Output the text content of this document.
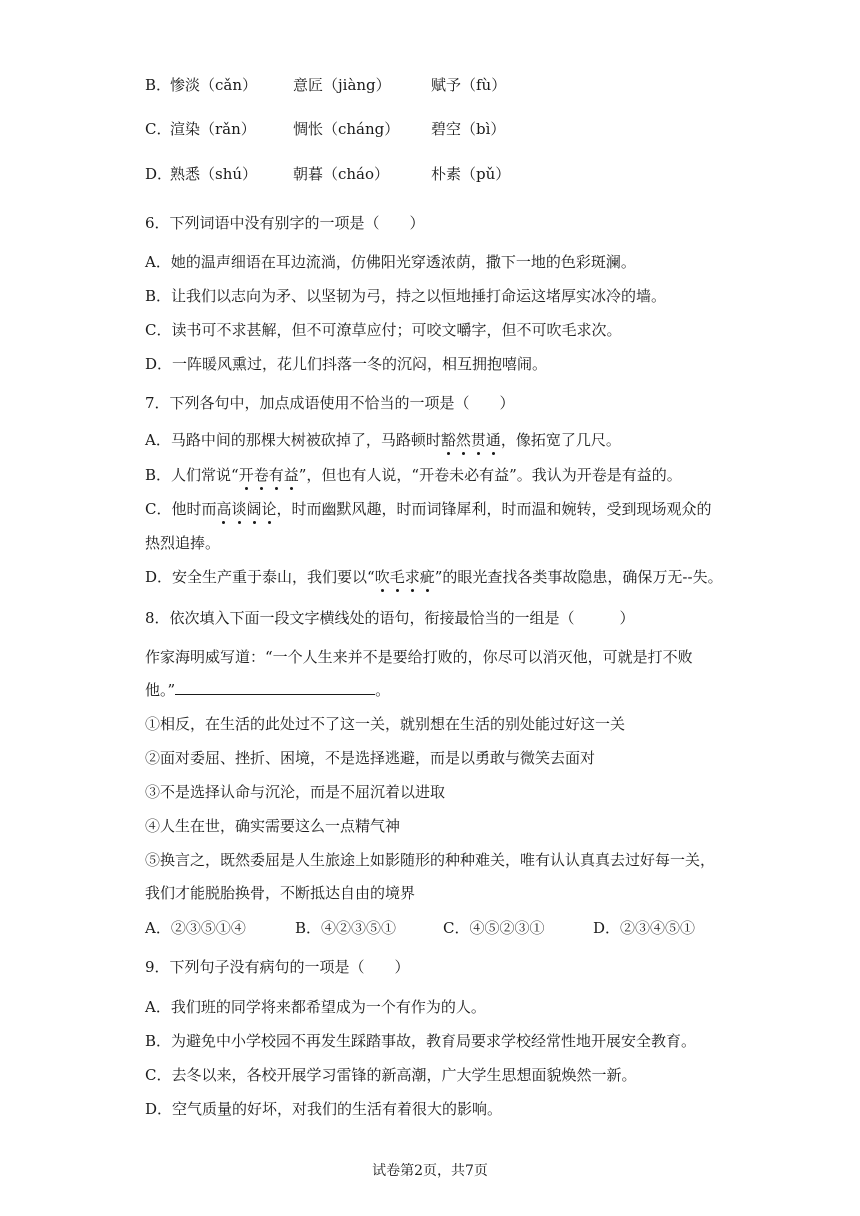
B．
惨淡（cǎn） 意匠（jiàng）	赋予（fù）
C．
渲染（rǎn） 惆怅（cháng） 碧空（bì）
D．
熟悉（shú） 朝暮（cháo）	朴素（pǔ）
6．下列词语中没有别字的一项是（　　）
A．她的温声细语在耳边流淌，仿佛阳光穿透浓荫，撒下一地的色彩斑澜。
B．让我们以志向为矛、以坚韧为弓，持之以恒地捶打命运这堵厚实冰冷的墙。
C．读书可不求甚解，但不可潦草应付；可咬文嚼字，但不可吹毛求次。
D．一阵暖风熏过，花儿们抖落一冬的沉闷，相互拥抱嘻闹。
7．下列各句中，加点成语使用不恰当的一项是（　　）
A．马路中间的那棵大树被砍掉了，马路顿时豁然贯通，像拓宽了几尺。
B．人们常说“开卷有益”，但也有人说，“开卷未必有益”。我认为开卷是有益的。
C．他时而高谈阔论，时而幽默风趣，时而词锋犀利，时而温和婉转，受到现场观众的
热烈追捧。
D．安全生产重于泰山，我们要以“吹毛求疵”的眼光查找各类事故隐患，确保万无--失。
8．依次填入下面一段文字横线处的语句，衔接最恰当的一组是（　　　）
作家海明威写道：“一个人生来并不是要给打败的，你尽可以消灭他，可就是打不败
他。”	。
①相反，在生活的此处过不了这一关，就别想在生活的别处能过好这一关
②面对委屈、挫折、困境，不是选择逃避，而是以勇敢与微笑去面对
③不是选择认命与沉沦，而是不屈沉着以进取
④人生在世，确实需要这么一点精气神
⑤换言之，既然委屈是人生旅途上如影随形的种种难关，唯有认认真真去过好每一关，
我们才能脱胎换骨，不断抵达自由的境界
A．②③⑤①④	B．④②③⑤①	C．④⑤②③①	D．②③④⑤①
9．下列句子没有病句的一项是（　　）
A．我们班的同学将来都希望成为一个有作为的人。
B．为避免中小学校园不再发生踩踏事故，教育局要求学校经常性地开展安全教育。
C．去冬以来，各校开展学习雷锋的新高潮，广大学生思想面貌焕然一新。
D．空气质量的好坏，对我们的生活有着很大的影响。
试卷第2页，共7页
